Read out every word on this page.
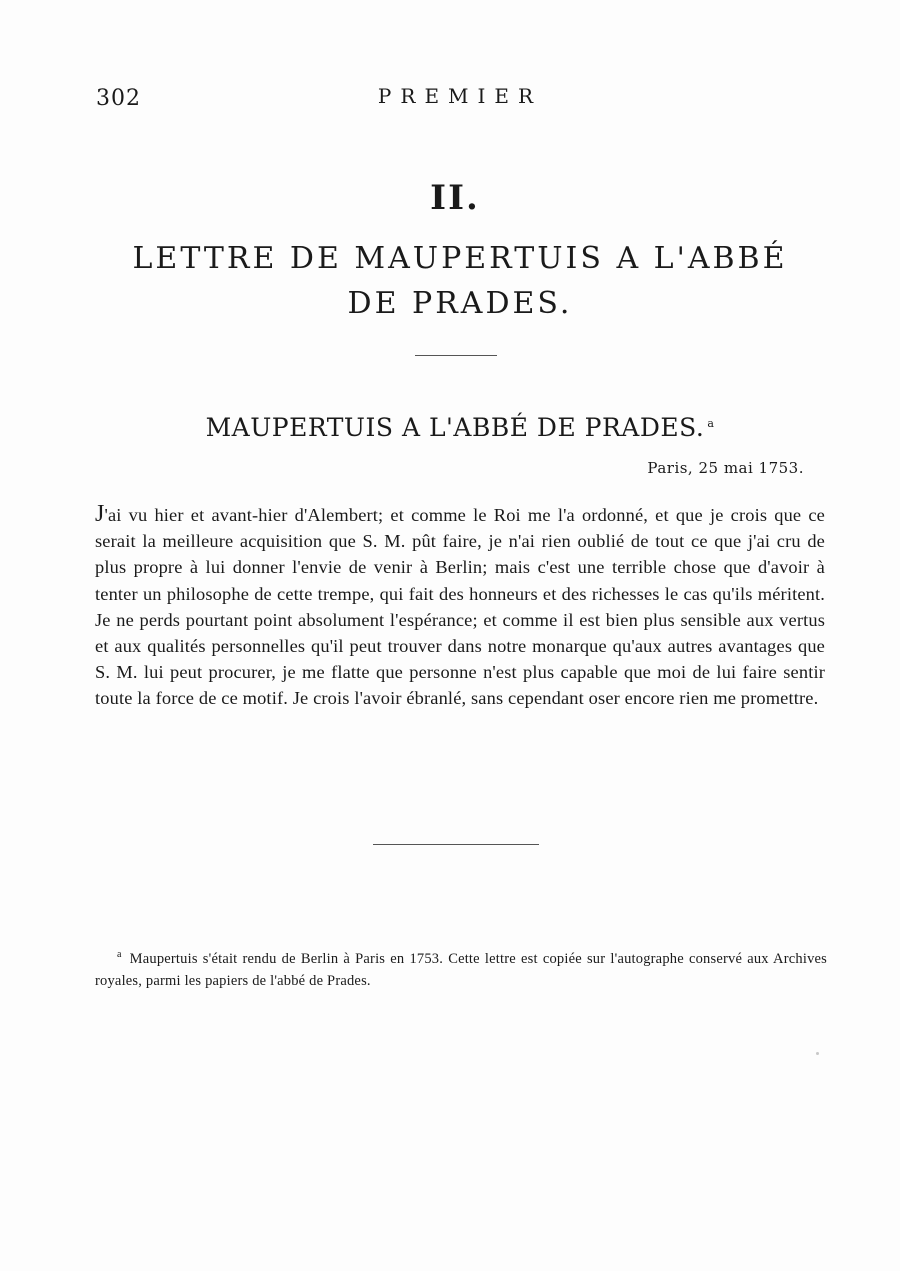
302	PREMIER
II.
LETTRE DE MAUPERTUIS A L'ABBÉ
DE PRADES.
MAUPERTUIS A L'ABBÉ DE PRADES. $^a$
Paris, 25 mai 1753.
J'ai vu hier et avant-hier d'Alembert; et comme le Roi me l'a ordonné, et que je crois que ce serait la meilleure acquisition que S. M. pût faire, je n'ai rien oublié de tout ce que j'ai cru de plus propre à lui donner l'envie de venir à Berlin; mais c'est une terrible chose que d'avoir à tenter un philosophe de cette trempe, qui fait des honneurs et des richesses le cas qu'ils méritent. Je ne perds pourtant point absolument l'espérance; et comme il est bien plus sensible aux vertus et aux qualités personnelles qu'il peut trouver dans notre monarque qu'aux autres avantages que S. M. lui peut procurer, je me flatte que personne n'est plus capable que moi de lui faire sentir toute la force de ce motif. Je crois l'avoir ébranlé, sans cependant oser encore rien me promettre.
$^a$ Maupertuis s'était rendu de Berlin à Paris en 1753. Cette lettre est copiée sur l'autographe conservé aux Archives royales, parmi les papiers de l'abbé de Prades.
